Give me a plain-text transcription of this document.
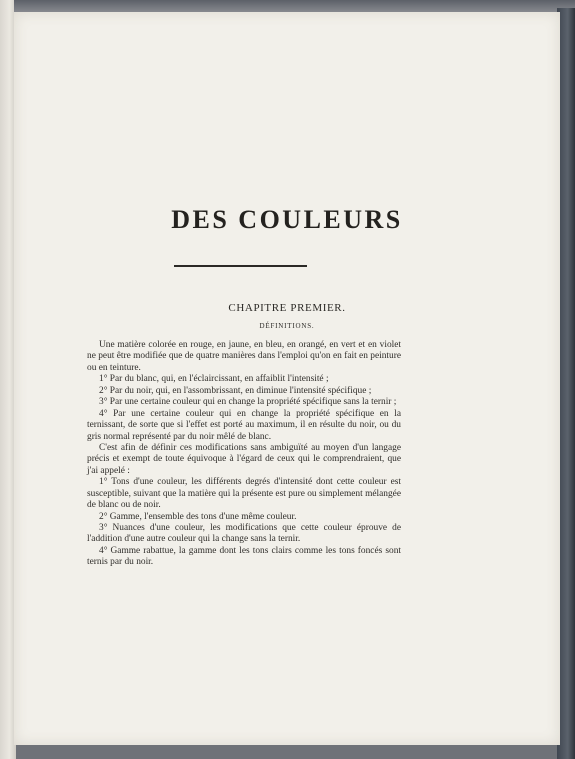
DES COULEURS
CHAPITRE PREMIER.
DÉFINITIONS.

Une matière colorée en rouge, en jaune, en bleu, en orangé, en vert et en violet ne peut être modifiée que de quatre manières dans l'emploi qu'on en fait en peinture ou en teinture.

1° Par du blanc, qui, en l'éclaircissant, en affaiblit l'intensité ;

2° Par du noir, qui, en l'assombrissant, en diminue l'intensité spécifique ;

3° Par une certaine couleur qui en change la propriété spécifique sans la ternir ;

4° Par une certaine couleur qui en change la propriété spécifique en la ternissant, de sorte que si l'effet est porté au maximum, il en résulte du noir, ou du gris normal représenté par du noir mêlé de blanc.

C'est afin de définir ces modifications sans ambiguïté au moyen d'un langage précis et exempt de toute équivoque à l'égard de ceux qui le comprendraient, que j'ai appelé :

1° Tons d'une couleur, les différents degrés d'intensité dont cette couleur est susceptible, suivant que la matière qui la présente est pure ou simplement mélangée de blanc ou de noir.

2° Gamme, l'ensemble des tons d'une même couleur.

3° Nuances d'une couleur, les modifications que cette couleur éprouve de l'addition d'une autre couleur qui la change sans la ternir.

4° Gamme rabattue, la gamme dont les tons clairs comme les tons foncés sont ternis par du noir.
